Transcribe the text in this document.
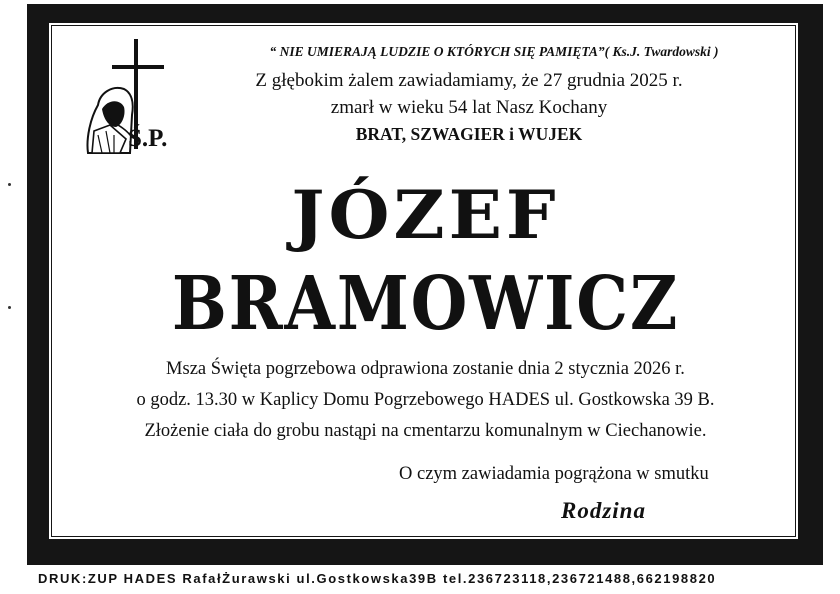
“ NIE UMIERAJĄ LUDZIE O KTÓRYCH SIĘ PAMIĘTA”( Ks.J. Twardowski )
Z głębokim żalem zawiadamiamy, że 27 grudnia 2025 r.
zmarł w wieku 54 lat Nasz Kochany
BRAT, SZWAGIER i WUJEK
Ś.P.
JÓZEF
BRAMOWICZ
Msza Święta pogrzebowa odprawiona zostanie dnia 2 stycznia 2026 r.
o godz. 13.30 w Kaplicy Domu Pogrzebowego HADES ul. Gostkowska 39 B.
Złożenie ciała do grobu nastąpi na cmentarzu komunalnym w Ciechanowie.
O czym zawiadamia pogrążona w smutku
Rodzina
DRUK:ZUP HADES RafałŻurawski ul.Gostkowska39B tel.236723118,236721488,662198820
